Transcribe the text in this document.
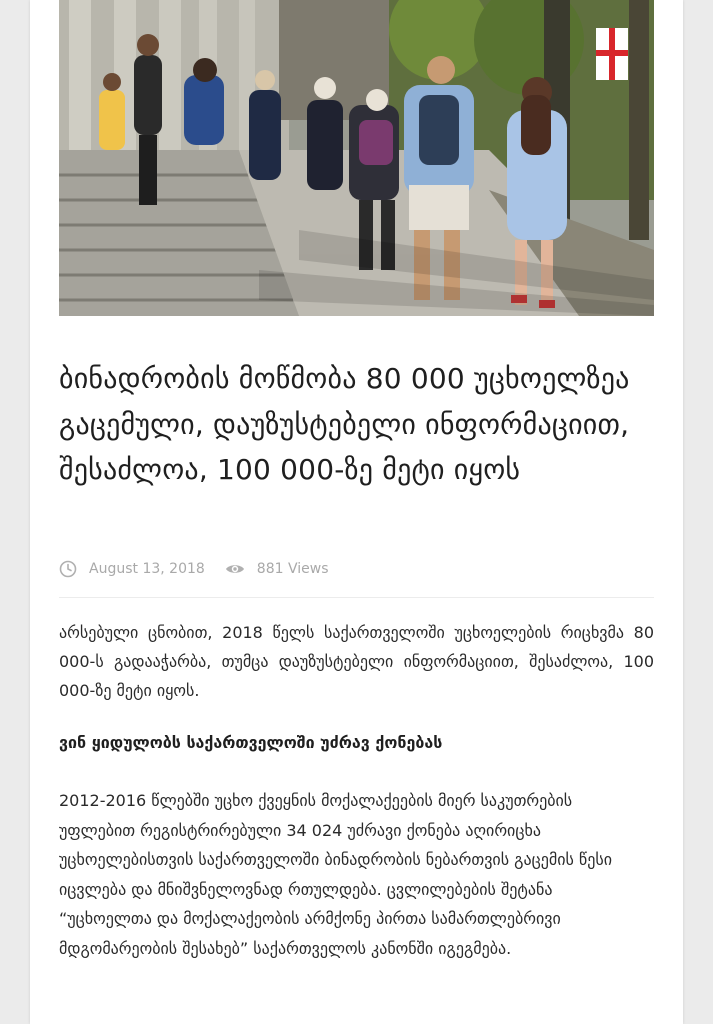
ბინადრობის მოწმობა 80 000 უცხოელზეა გაცემული, დაუზუსტებელი ინფორმაციით, შესაძლოა, 100 000-ზე მეტი იყოს
August 13, 2018	881 Views

არსებული ცნობით, 2018 წელს საქართველოში უცხოელების რიცხვმა 80 000-ს გადააჭარბა, თუმცა დაუზუსტებელი ინფორმაციით, შესაძლოა, 100 000-ზე მეტი იყოს.

ვინ ყიდულობს საქართველოში უძრავ ქონებას

2012-2016 წლებში უცხო ქვეყნის მოქალაქეების მიერ საკუთრების უფლებით რეგისტრირებული 34 024 უძრავი ქონება აღირიცხა უცხოელებისთვის საქართველოში ბინადრობის ნებართვის გაცემის წესი იცვლება და მნიშვნელოვნად რთულდება. ცვლილებების შეტანა “უცხოელთა და მოქალაქეობის არმქონე პირთა სამართლებრივი მდგომარეობის შესახებ” საქართველოს კანონში იგეგმება.
